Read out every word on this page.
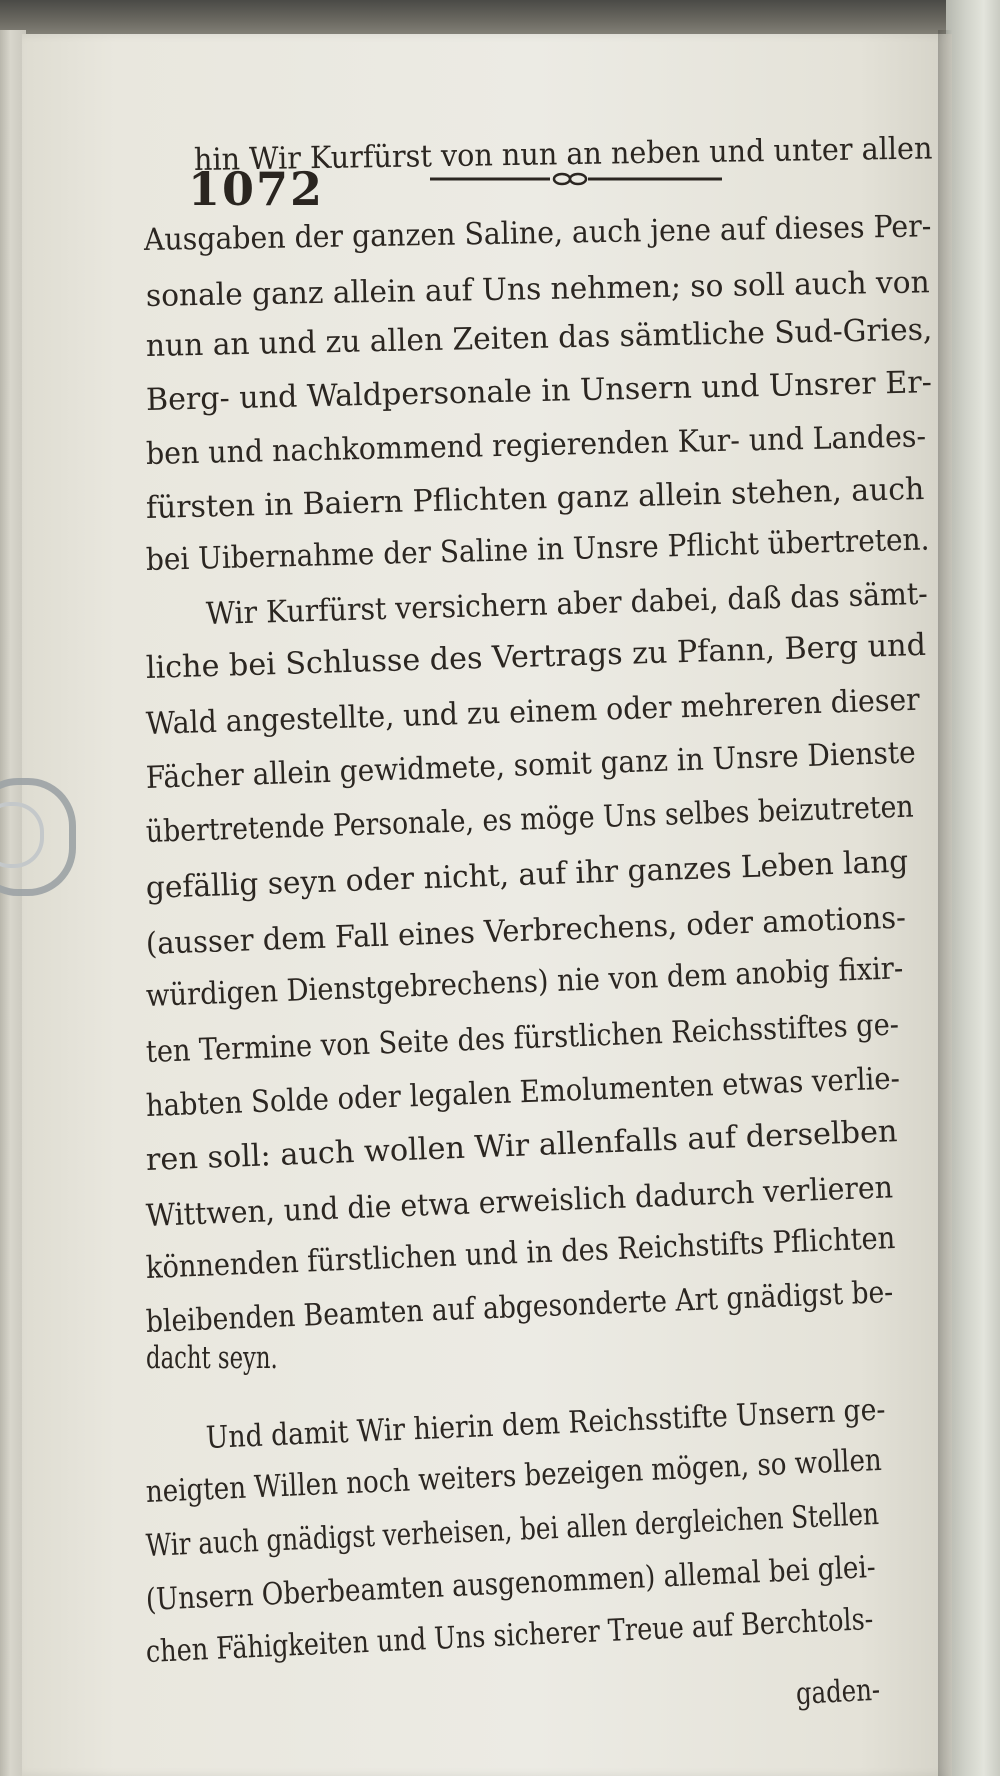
1072
hin Wir Kurfürst von nun an neben und unter allen
Ausgaben der ganzen Saline, auch jene auf dieses Per-
sonale ganz allein auf Uns nehmen; so soll auch von
nun an und zu allen Zeiten das sämtliche Sud-Gries,
Berg- und Waldpersonale in Unsern und Unsrer Er-
ben und nachkommend regierenden Kur- und Landes-
fürsten in Baiern Pflichten ganz allein stehen, auch
bei Uibernahme der Saline in Unsre Pflicht übertreten.
Wir Kurfürst versichern aber dabei, daß das sämt-
liche bei Schlusse des Vertrags zu Pfann, Berg und
Wald angestellte, und zu einem oder mehreren dieser
Fächer allein gewidmete, somit ganz in Unsre Dienste
übertretende Personale, es möge Uns selbes beizutreten
gefällig seyn oder nicht, auf ihr ganzes Leben lang
(ausser dem Fall eines Verbrechens, oder amotions-
würdigen Dienstgebrechens) nie von dem anobig fixir-
ten Termine von Seite des fürstlichen Reichsstiftes ge-
habten Solde oder legalen Emolumenten etwas verlie-
ren soll: auch wollen Wir allenfalls auf derselben
Wittwen, und die etwa erweislich dadurch verlieren
könnenden fürstlichen und in des Reichstifts Pflichten
bleibenden Beamten auf abgesonderte Art gnädigst be-
dacht seyn.
Und damit Wir hierin dem Reichsstifte Unsern ge-
neigten Willen noch weiters bezeigen mögen, so wollen
Wir auch gnädigst verheisen, bei allen dergleichen Stellen
(Unsern Oberbeamten ausgenommen) allemal bei glei-
chen Fähigkeiten und Uns sicherer Treue auf Berchtols-
gaden-
